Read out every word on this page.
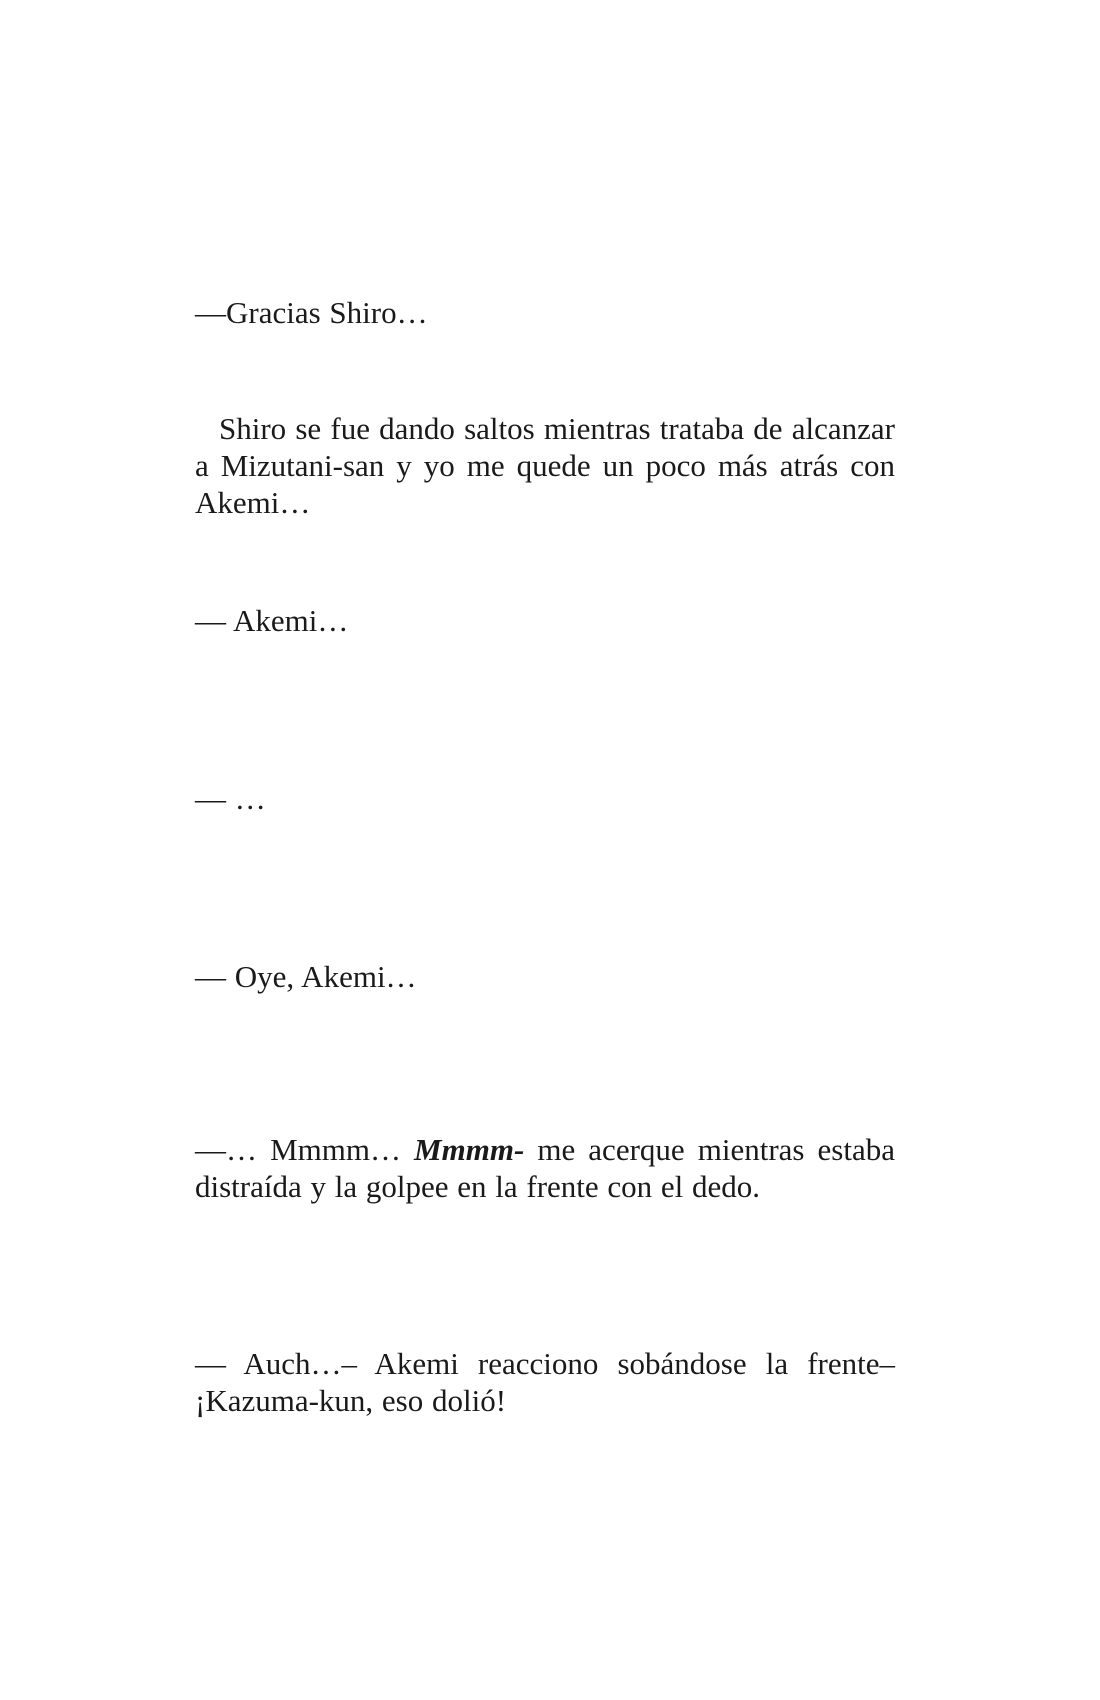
—Gracias Shiro…

Shiro se fue dando saltos mientras trataba de alcanzar a Mizutani-san y yo me quede un poco más atrás con Akemi…

— Akemi…

— …

— Oye, Akemi…

—… Mmmm… Mmmm- me acerque mientras estaba distraída y la golpee en la frente con el dedo.

— Auch…– Akemi reacciono sobándose la frente– ¡Kazuma-kun, eso dolió!
